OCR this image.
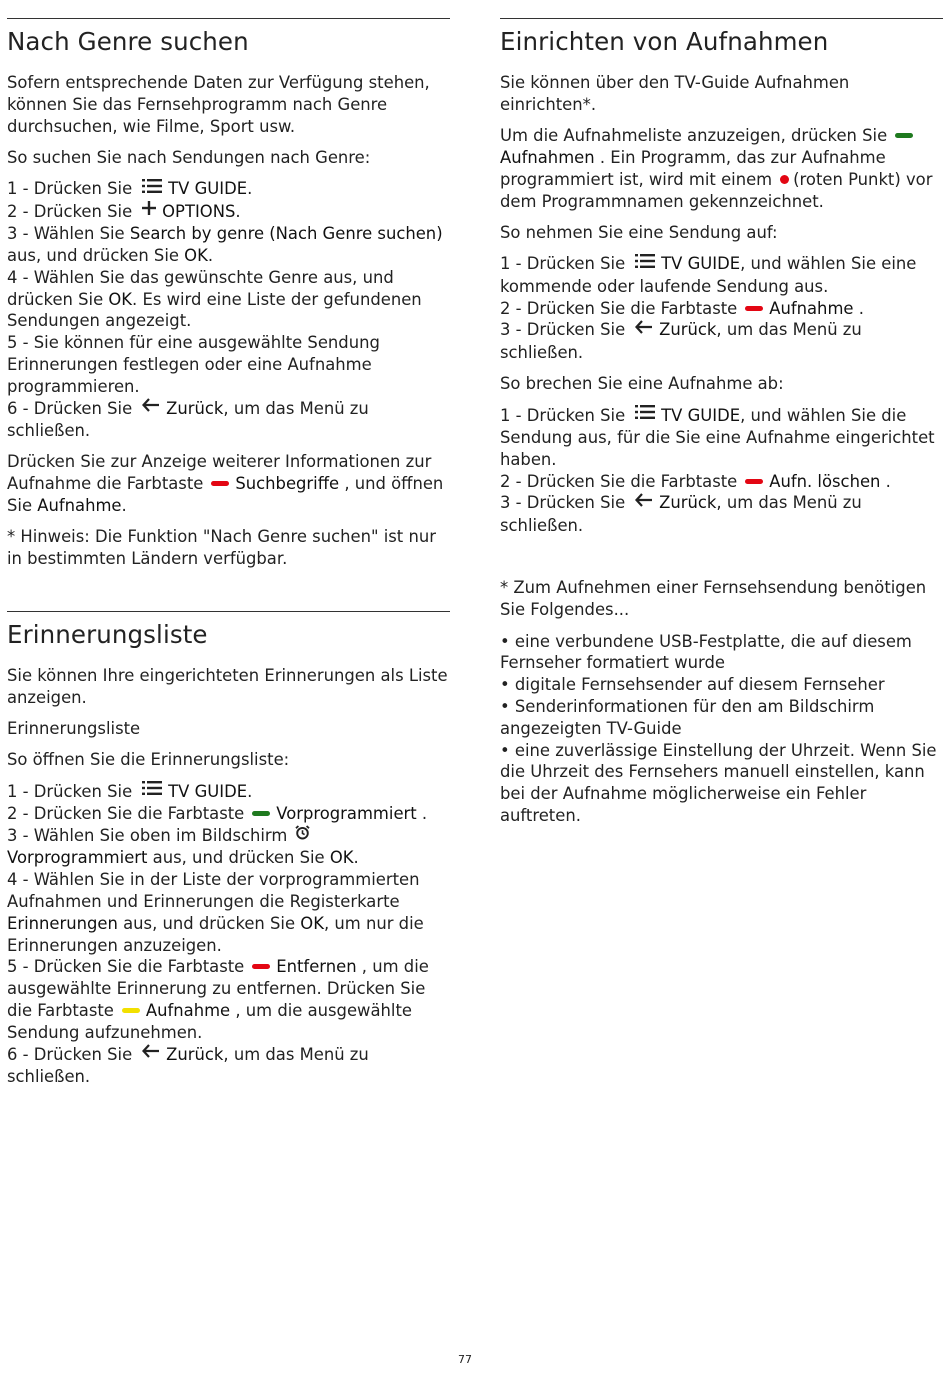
Nach Genre suchen

Sofern entsprechende Daten zur Verfügung stehen, können Sie das Fernsehprogramm nach Genre durchsuchen, wie Filme, Sport usw.

So suchen Sie nach Sendungen nach Genre:

1 - Drücken Sie TV GUIDE.
2 - Drücken Sie OPTIONS.
3 - Wählen Sie Search by genre (Nach Genre suchen) aus, und drücken Sie OK.
4 - Wählen Sie das gewünschte Genre aus, und drücken Sie OK. Es wird eine Liste der gefundenen Sendungen angezeigt.
5 - Sie können für eine ausgewählte Sendung Erinnerungen festlegen oder eine Aufnahme programmieren.
6 - Drücken Sie Zurück, um das Menü zu schließen.

Drücken Sie zur Anzeige weiterer Informationen zur Aufnahme die Farbtaste Suchbegriffe , und öffnen Sie Aufnahme.

* Hinweis: Die Funktion "Nach Genre suchen" ist nur in bestimmten Ländern verfügbar.

Erinnerungsliste

Sie können Ihre eingerichteten Erinnerungen als Liste anzeigen.

Erinnerungsliste

So öffnen Sie die Erinnerungsliste:

1 - Drücken Sie TV GUIDE.
2 - Drücken Sie die Farbtaste Vorprogrammiert .
3 - Wählen Sie oben im BildschirmVorprogrammiert aus, und drücken Sie OK.
4 - Wählen Sie in der Liste der vorprogrammierten Aufnahmen und Erinnerungen die Registerkarte Erinnerungen aus, und drücken Sie OK, um nur die Erinnerungen anzuzeigen.
5 - Drücken Sie die Farbtaste Entfernen , um die ausgewählte Erinnerung zu entfernen. Drücken Sie die Farbtaste Aufnahme , um die ausgewählte Sendung aufzunehmen.
6 - Drücken Sie Zurück, um das Menü zu schließen.
Einrichten von Aufnahmen

Sie können über den TV-Guide Aufnahmen einrichten*.

Um die Aufnahmeliste anzuzeigen, drücken SieAufnahmen . Ein Programm, das zur Aufnahme programmiert ist, wird mit einem (roten Punkt) vor dem Programmnamen gekennzeichnet.

So nehmen Sie eine Sendung auf:

1 - Drücken Sie TV GUIDE, und wählen Sie eine kommende oder laufende Sendung aus.
2 - Drücken Sie die Farbtaste Aufnahme .
3 - Drücken Sie Zurück, um das Menü zu schließen.

So brechen Sie eine Aufnahme ab:

1 - Drücken Sie TV GUIDE, und wählen Sie die Sendung aus, für die Sie eine Aufnahme eingerichtet haben.
2 - Drücken Sie die Farbtaste Aufn. löschen .
3 - Drücken Sie Zurück, um das Menü zu schließen.

* Zum Aufnehmen einer Fernsehsendung benötigen Sie Folgendes...

• eine verbundene USB-Festplatte, die auf diesem Fernseher formatiert wurde
• digitale Fernsehsender auf diesem Fernseher
• Senderinformationen für den am Bildschirm angezeigten TV-Guide
• eine zuverlässige Einstellung der Uhrzeit. Wenn Sie die Uhrzeit des Fernsehers manuell einstellen, kann bei der Aufnahme möglicherweise ein Fehler auftreten.
77
